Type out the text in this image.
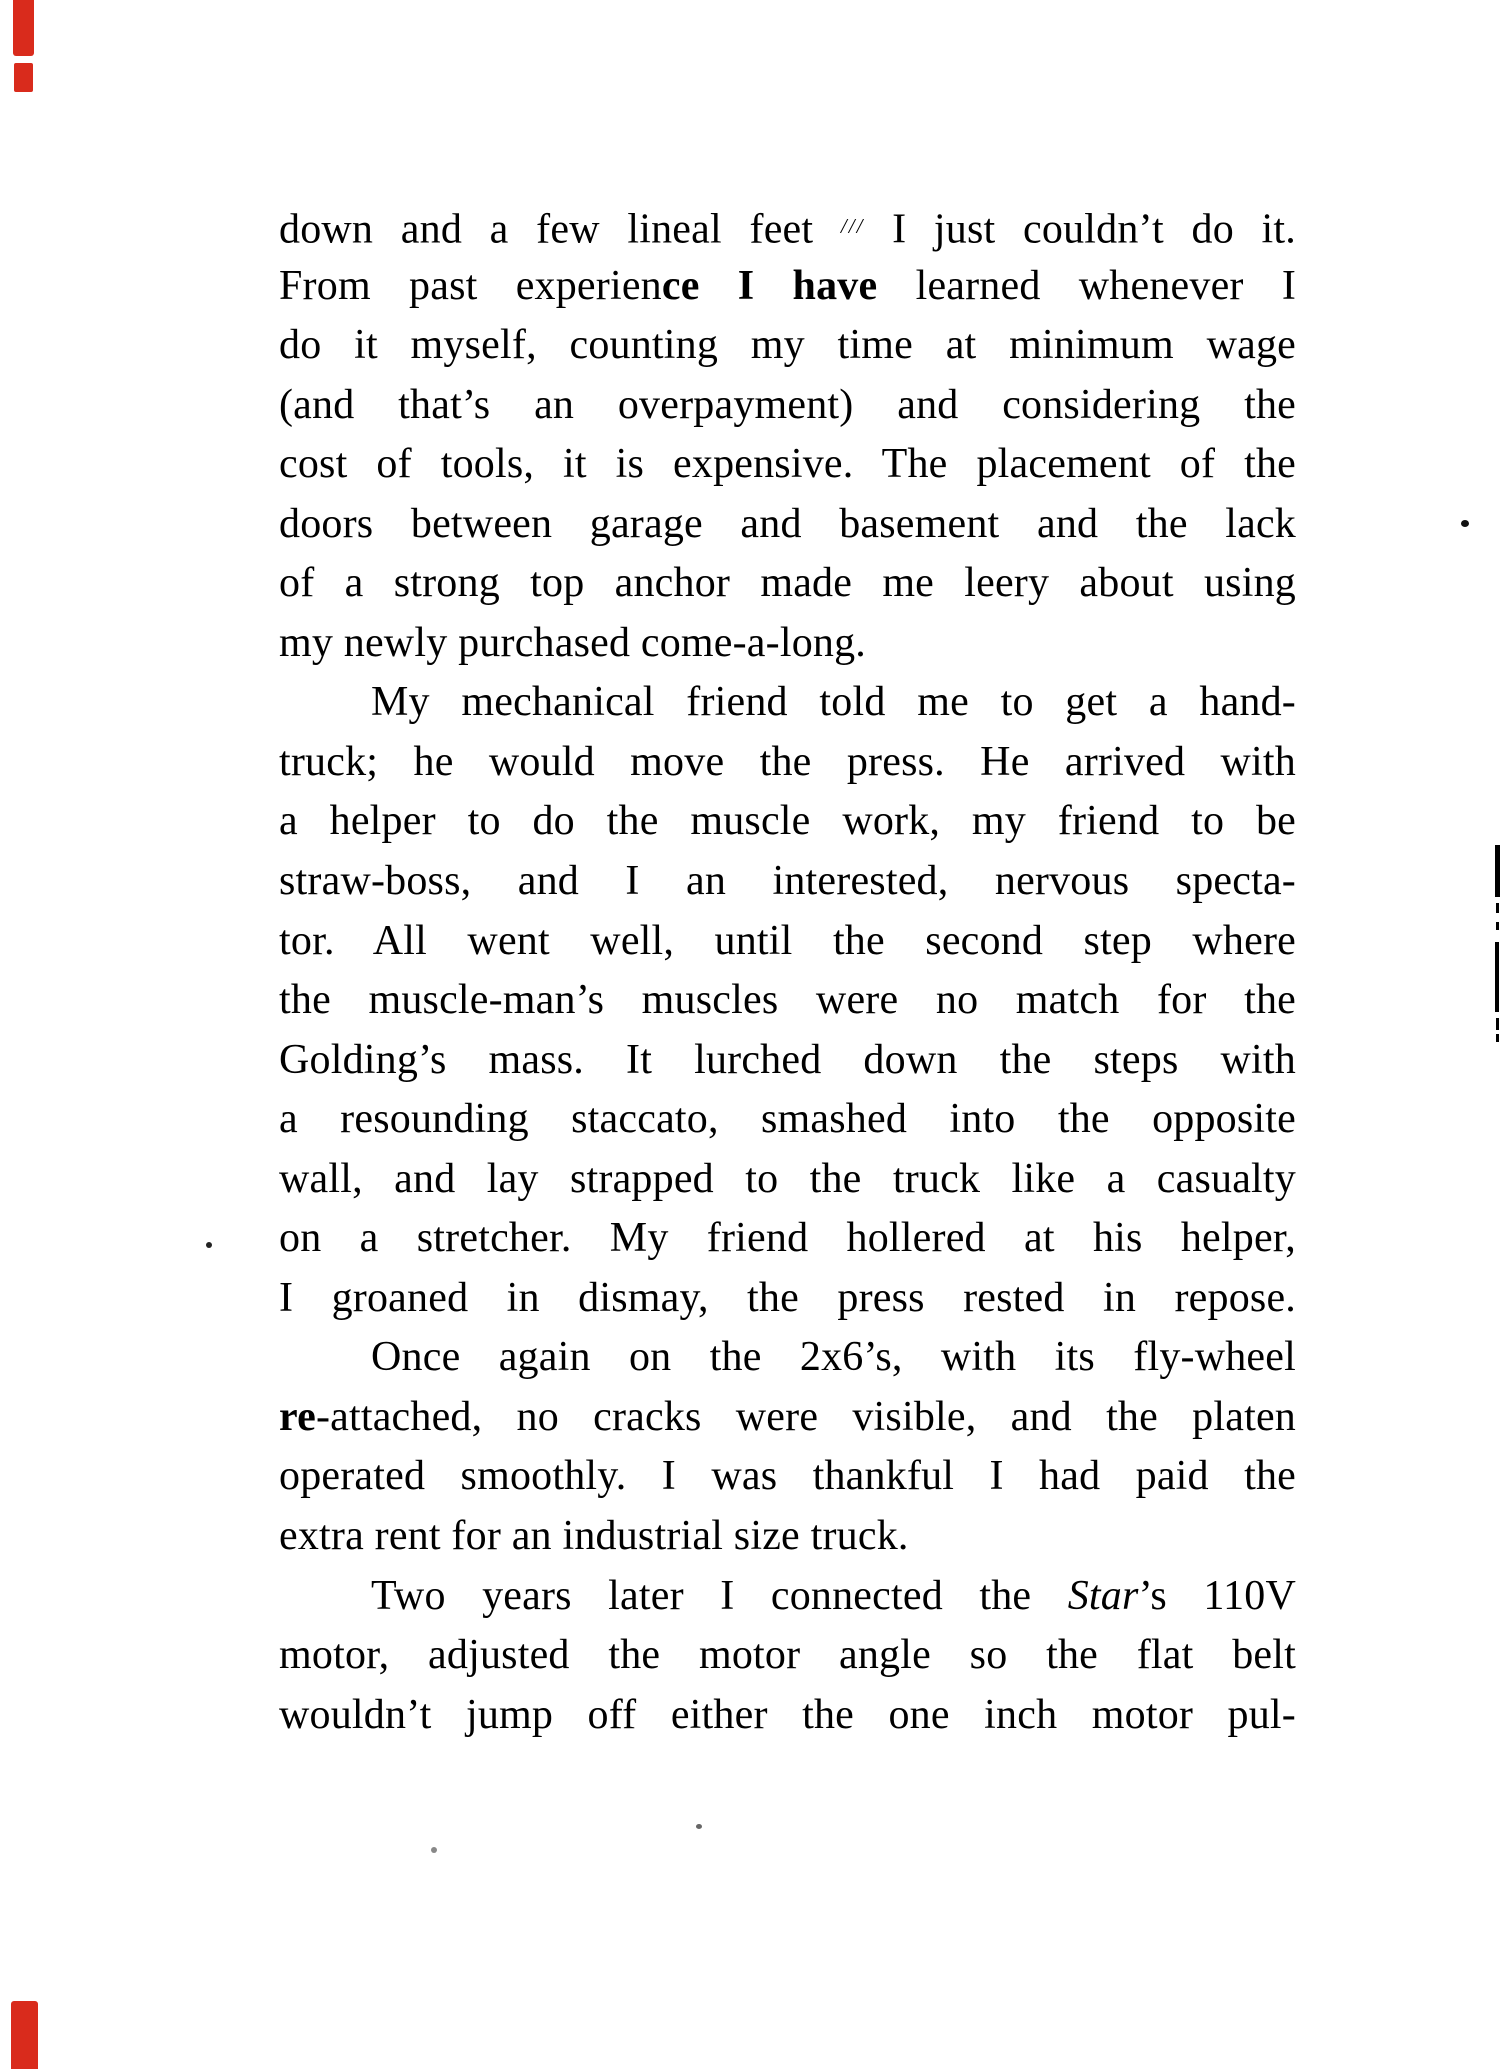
down and a few lineal feet /// I just couldn’t do it.
From past experience I have learned whenever I
do it myself, counting my time at minimum wage
(and that’s an overpayment) and considering the
cost of tools, it is expensive. The placement of the
doors between garage and basement and the lack
of a strong top anchor made me leery about using
my newly purchased come-a-long.
My mechanical friend told me to get a hand-
truck; he would move the press. He arrived with
a helper to do the muscle work, my friend to be
straw-boss, and I an interested, nervous specta-
tor. All went well, until the second step where
the muscle-man’s muscles were no match for the
Golding’s mass. It lurched down the steps with
a resounding staccato, smashed into the opposite
wall, and lay strapped to the truck like a casualty
on a stretcher. My friend hollered at his helper,
I groaned in dismay, the press rested in repose.
Once again on the 2x6’s, with its fly-wheel
re-attached, no cracks were visible, and the platen
operated smoothly. I was thankful I had paid the
extra rent for an industrial size truck.
Two years later I connected the Star’s 110V
motor, adjusted the motor angle so the flat belt
wouldn’t jump off either the one inch motor pul-
